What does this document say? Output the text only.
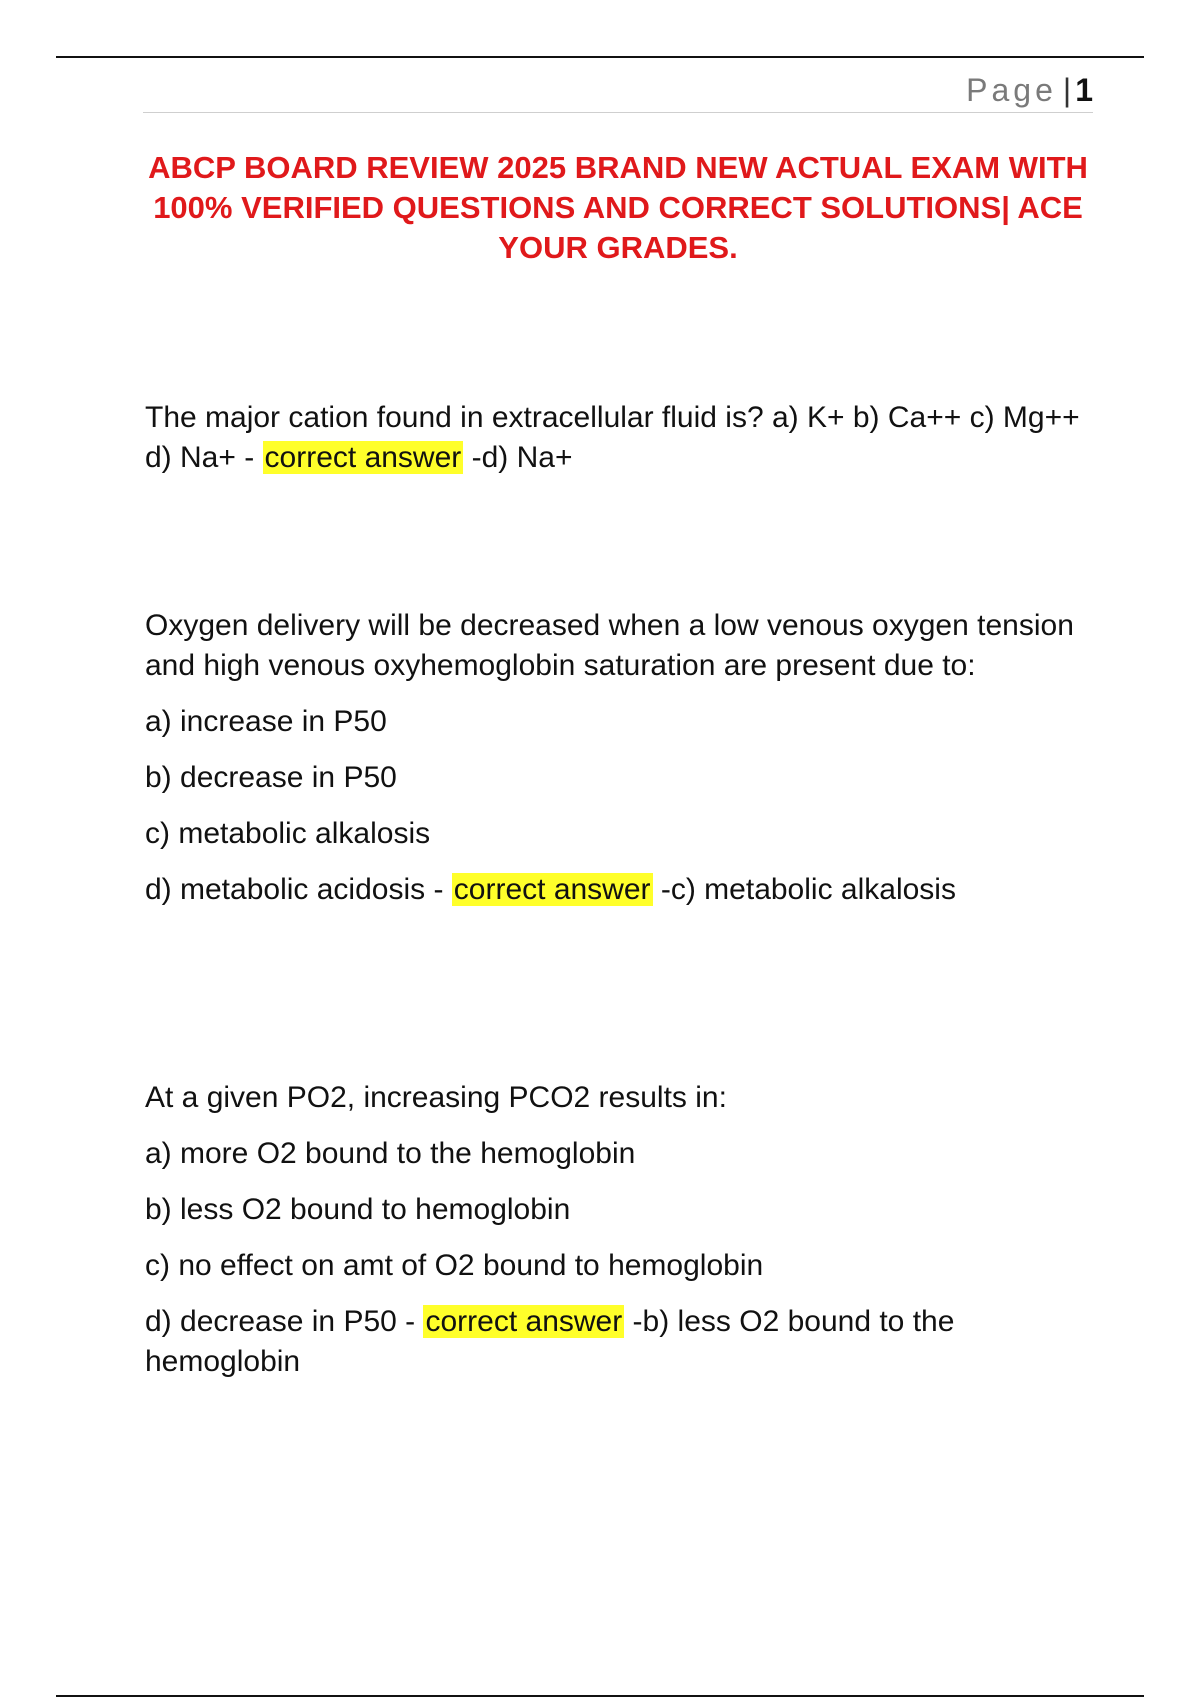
Page | 1
ABCP BOARD REVIEW 2025 BRAND NEW ACTUAL EXAM WITH 100% VERIFIED QUESTIONS AND CORRECT SOLUTIONS| ACE YOUR GRADES.

The major cation found in extracellular fluid is? a) K+ b) Ca++ c) Mg++ d) Na+ - correct answer -d) Na+

Oxygen delivery will be decreased when a low venous oxygen tension and high venous oxyhemoglobin saturation are present due to:

a) increase in P50

b) decrease in P50

c) metabolic alkalosis

d) metabolic acidosis - correct answer -c) metabolic alkalosis

At a given PO2, increasing PCO2 results in:

a) more O2 bound to the hemoglobin

b) less O2 bound to hemoglobin

c) no effect on amt of O2 bound to hemoglobin

d) decrease in P50 - correct answer -b) less O2 bound to the hemoglobin
